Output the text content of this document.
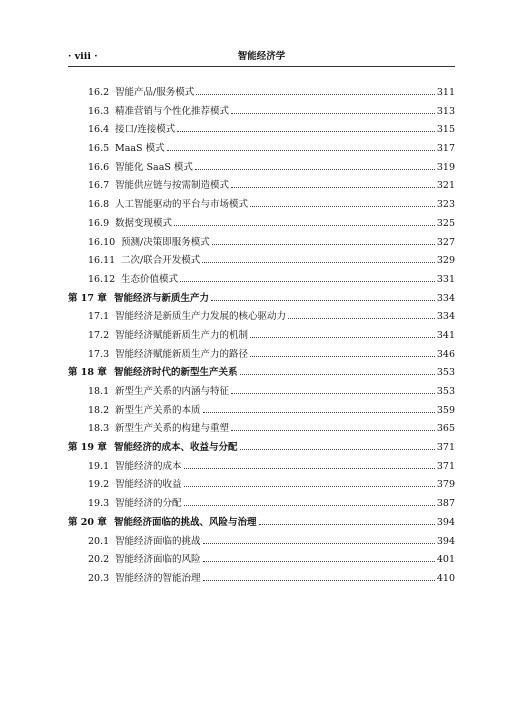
· viii ·	智能经济学
16.2 智能产品/服务模式	311
16.3 精准营销与个性化推荐模式	313
16.4 接口/连接模式	315
16.5 MaaS 模式	317
16.6 智能化 SaaS 模式	319
16.7 智能供应链与按需制造模式	321
16.8 人工智能驱动的平台与市场模式	323
16.9 数据变现模式	325
16.10 预测/决策即服务模式	327
16.11 二次/联合开发模式	329
16.12 生态价值模式	331
第 17 章 智能经济与新质生产力	334
17.1 智能经济是新质生产力发展的核心驱动力	334
17.2 智能经济赋能新质生产力的机制	341
17.3 智能经济赋能新质生产力的路径	346
第 18 章 智能经济时代的新型生产关系	353
18.1 新型生产关系的内涵与特征	353
18.2 新型生产关系的本质	359
18.3 新型生产关系的构建与重塑	365
第 19 章 智能经济的成本、收益与分配	371
19.1 智能经济的成本	371
19.2 智能经济的收益	379
19.3 智能经济的分配	387
第 20 章 智能经济面临的挑战、风险与治理	394
20.1 智能经济面临的挑战	394
20.2 智能经济面临的风险	401
20.3 智能经济的智能治理	410
